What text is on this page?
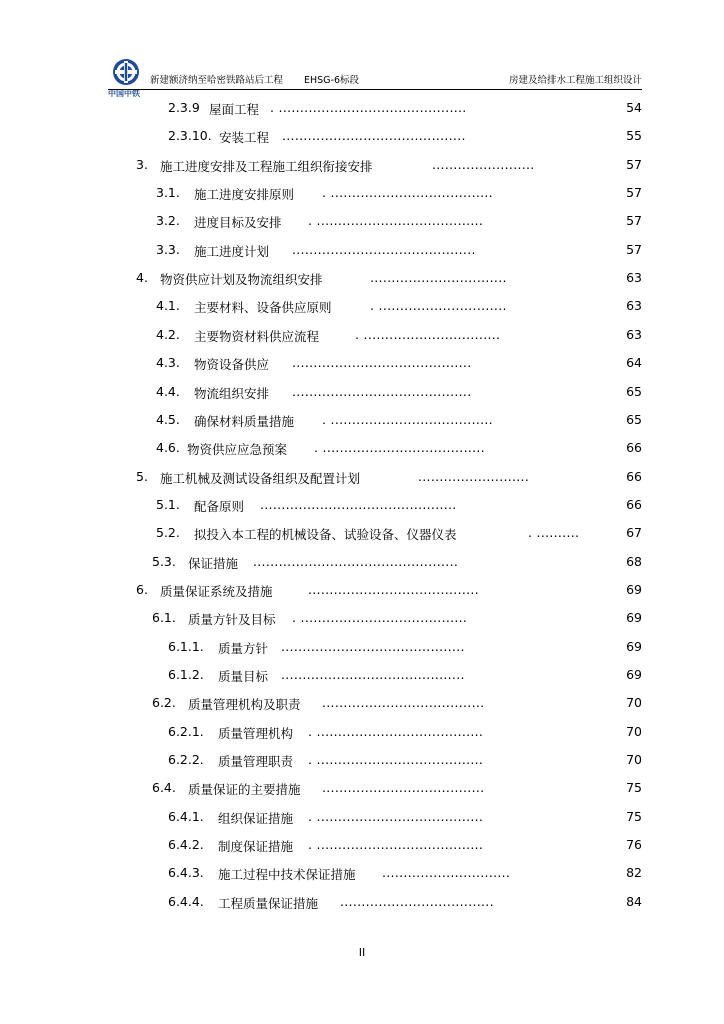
中国中铁
新建额济纳至哈密铁路站后工程 EHSG-6标段	房建及给排水工程施工组织设计
2.3.9 屋面工程 . ............................................	54
2.3.10. 安装工程 ...........................................	55
3. 施工进度安排及工程施工组织衔接安排	........................	57
3.1. 施工进度安排原则 . ......................................	57
3.2. 进度目标及安排 . .......................................	57
3.3. 施工进度计划 ...........................................	57
4. 物资供应计划及物流组织安排	................................	63
4.1. 主要材料、设备供应原则	. ..............................	63
4.2. 主要物资材料供应流程	. ................................	63
4.3. 物资设备供应 ..........................................	64
4.4. 物流组织安排 ..........................................	65
4.5. 确保材料质量措施 . ......................................	65
4.6. 物资供应应急预案 . ......................................	66
5. 施工机械及测试设备组织及配置计划	..........................	66
5.1. 配备原则 ..............................................	66
5.2. 拟投入本工程的机械设备、试验设备、仪器仪表	. ..........	67
5.3. 保证措施 ................................................	68
6. 质量保证系统及措施	........................................	69
6.1. 质量方针及目标 . .......................................	69
6.1.1. 质量方针 ...........................................	69
6.1.2. 质量目标 ...........................................	69
6.2. 质量管理机构及职责 ......................................	70
6.2.1. 质量管理机构 . .......................................	70
6.2.2. 质量管理职责 . .......................................	70
6.4. 质量保证的主要措施 ......................................	75
6.4.1. 组织保证措施 . .......................................	75
6.4.2. 制度保证措施 . .......................................	76
6.4.3. 施工过程中技术保证措施 ..............................	82
6.4.4. 工程质量保证措施 ....................................	84
II
